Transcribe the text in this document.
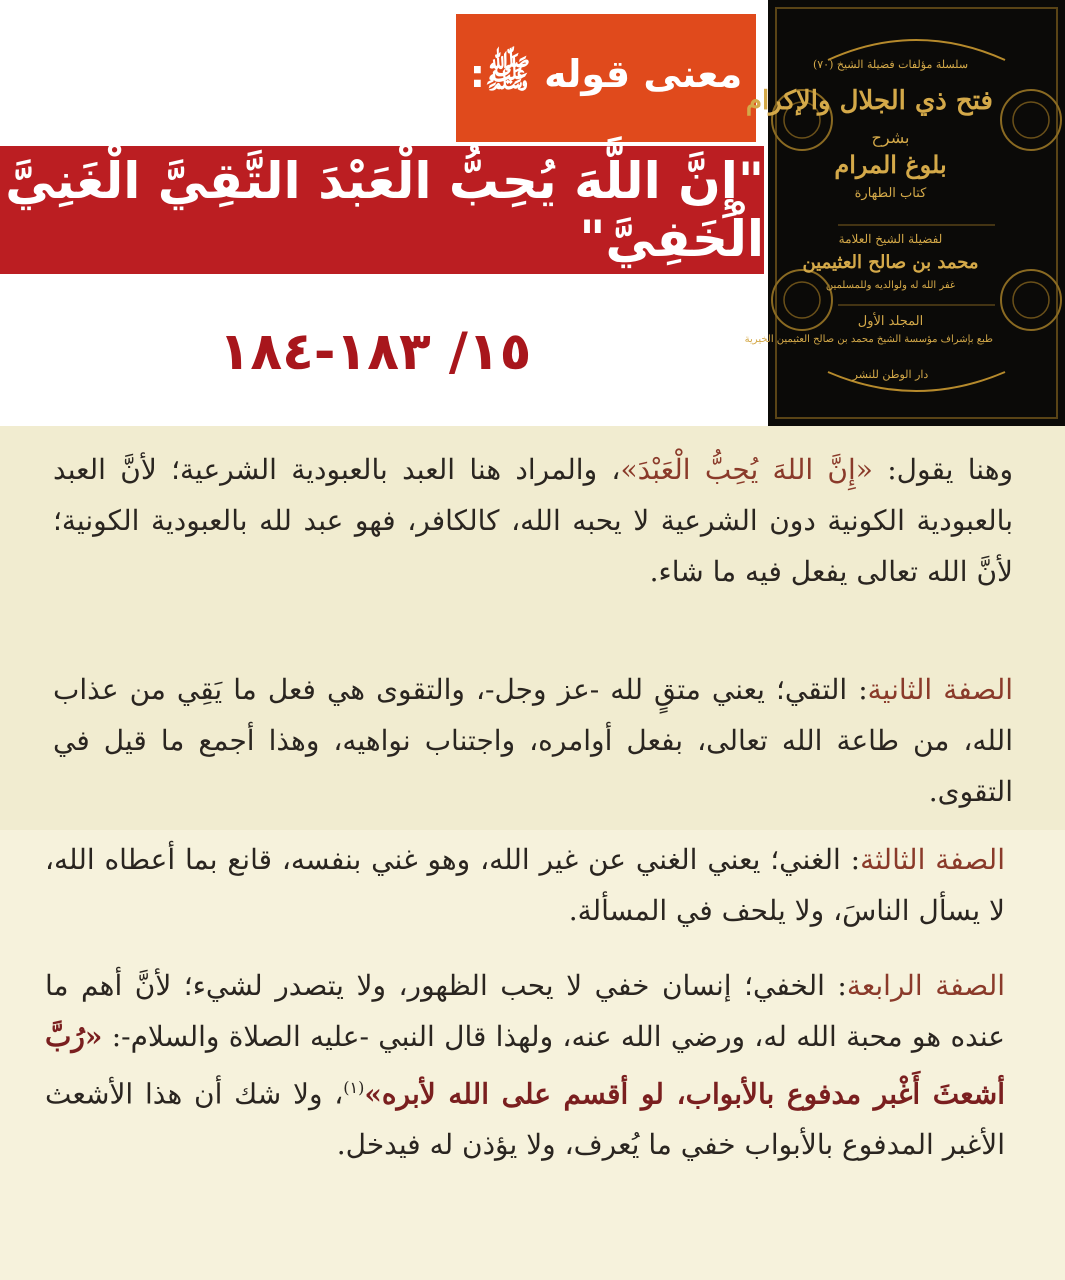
معنى قوله ﷺ:
"إِنَّ اللَّهَ يُحِبُّ الْعَبْدَ التَّقِيَّ الْغَنِيَّ الْخَفِيَّ"
١٥/ ١٨٣-١٨٤
سلسلة مؤلفات فضيلة الشيخ (٧٠)
فتح ذي الجلال والإكرام
بشرح
بلوغ المرام
كتاب الطهارة
لفضيلة الشيخ العلامة
محمد بن صالح العثيمين
غفر الله له ولوالديه وللمسلمين
المجلد الأول
طبع بإشراف مؤسسة الشيخ محمد بن صالح العثيمين الخيرية
دار الوطن للنشر
وهنا يقول: «إِنَّ اللهَ يُحِبُّ الْعَبْدَ»، والمراد هنا العبد بالعبودية الشرعية؛ لأنَّ العبد بالعبودية الكونية دون الشرعية لا يحبه الله، كالكافر، فهو عبد لله بالعبودية الكونية؛ لأنَّ الله تعالى يفعل فيه ما شاء.
الصفة الثانية: التقي؛ يعني متقٍ لله -عز وجل-، والتقوى هي فعل ما يَقِي من عذاب الله، من طاعة الله تعالى، بفعل أوامره، واجتناب نواهيه، وهذا أجمع ما قيل في التقوى.
الصفة الثالثة: الغني؛ يعني الغني عن غير الله، وهو غني بنفسه، قانع بما أعطاه الله، لا يسأل الناسَ، ولا يلحف في المسألة.
الصفة الرابعة: الخفي؛ إنسان خفي لا يحب الظهور، ولا يتصدر لشيء؛ لأنَّ أهم ما عنده هو محبة الله له، ورضي الله عنه، ولهذا قال النبي -عليه الصلاة والسلام-: «رُبَّ أشعثَ أَغْبر مدفوع بالأبواب، لو أقسم على الله لأبره»$^{(١)}$، ولا شك أن هذا الأشعث الأغبر المدفوع بالأبواب خفي ما يُعرف، ولا يؤذن له فيدخل.
